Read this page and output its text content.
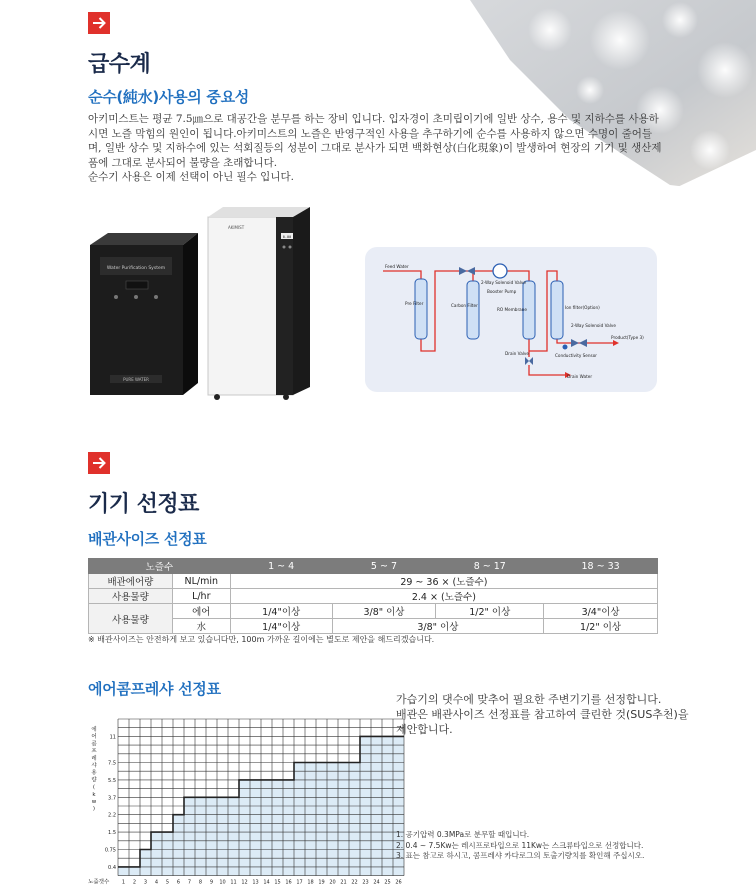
급수계
순수(純水)사용의 중요성

아키미스트는 평균 7.5㎛으로 대공간을 분무를 하는 장비 입니다. 입자경이 초미립이기에 일반 상수, 용수 및 지하수를 사용하

시면 노즐 막힘의 원인이 됩니다.아키미스트의 노즐은 반영구적인 사용을 추구하기에 순수를 사용하지 않으면 수명이 줄어들

며, 일반 상수 및 지하수에 있는 석회질등의 성분이 그대로 분사가 되면 백화현상(白化現象)이 발생하여 현장의 기기 및 생산제

품에 그대로 분사되어 불량을 초래합니다.

순수기 사용은 이제 선택이 아닌 필수 입니다.

Water Purification System
PURE WATER
AKIMIST
0.00
Feed Water
Pre Filter
2-Way Solenoid Valve
Carbon Filter
Booster Pump
RO Membrane
Drain Valve
Ion filter(Option)
2-Way Solenoid Valve
Conductivity Sensor
Product(Type 3)
Drain Water
기기 선정표
배관사이즈 선정표
노즐수		1 ~ 4	5 ~ 7	8 ~ 17	18 ~ 33
배관에어량	NL/min	29 ~ 36 × (노즐수)			
사용물량	L/hr	2.4 × (노즐수)			
사용물량	에어	1/4"이상	3/8" 이상	1/2" 이상	3/4"이상
	水	1/4"이상	3/8" 이상		1/2" 이상
※ 배관사이즈는 안전하게 보고 있습니다만, 100m 가까운 길이에는 별도로 제안을 해드리겠습니다.
에어콤프레샤 선정표
0.4
0.75
1.5
2.2
3.7
5.5
7.5
11
1 2 3 4 5 6 7 8 9 10 11 12 13 14 15 16 17 18 19 20 21 22 23 24 25 26
노즐갯수
에
어
콤
프
레
샤
용
량
(
k
w
)

가습기의 댓수에 맞추어 필요한 주변기기를 선정합니다.

배관은 배관사이즈 선정표를 참고하여 클린한 것(SUS추천)을

제안합니다.

1. 공기압력 0.3MPa로 분무할 때입니다.

2. 0.4 ~ 7.5Kw는 레시프로타입으로 11Kw는 스크류타입으로 선정합니다.

3. 표는 참고로 하시고, 콤프레샤 카다로그의 토출기량치를 확인해 주십시오.
